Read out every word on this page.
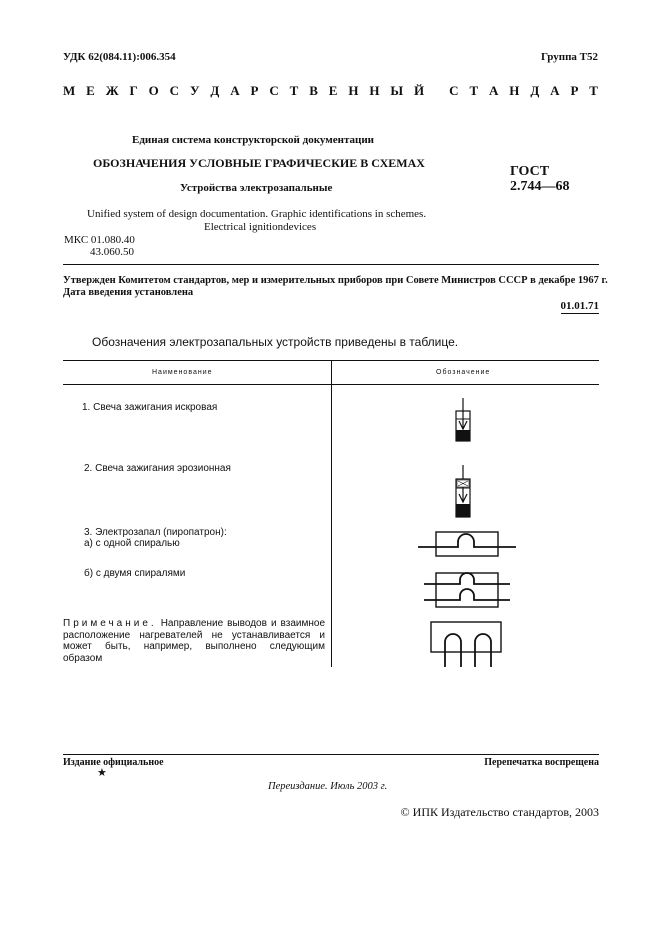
УДК 62(084.11):006.354	Группа Т52
М Е Ж Г О С У Д А Р С Т В Е Н Н Ы Й
С Т А Н Д А Р Т
Единая система конструкторской документации
ОБОЗНАЧЕНИЯ УСЛОВНЫЕ ГРАФИЧЕСКИЕ В СХЕМАХ
Устройства электрозапальные
ГОСТ
2.744—68
Unified system of design documentation. Graphic identifications in schemes.
Electrical ignitiondevices
МКС 01.080.40
43.060.50
Утвержден Комитетом стандартов, мер и измерительных приборов при Совете Министров СССР в декабре 1967 г.
Дата введения установлена
01.01.71
Обозначения электрозапальных устройств приведены в таблице.
Наименование	Обозначение
1. Свеча зажигания искровая
2. Свеча зажигания эрозионная
3. Электрозапал (пиропатрон):
а) с одной спиралью
б) с двумя спиралями
Примечание. Направление выводов и взаимное расположение нагревателей не устанавливается и может быть, например, выполнено следующим образом
Издание официальное
★
Перепечатка воспрещена
Переиздание. Июль 2003 г.
© ИПК Издательство стандартов, 2003
